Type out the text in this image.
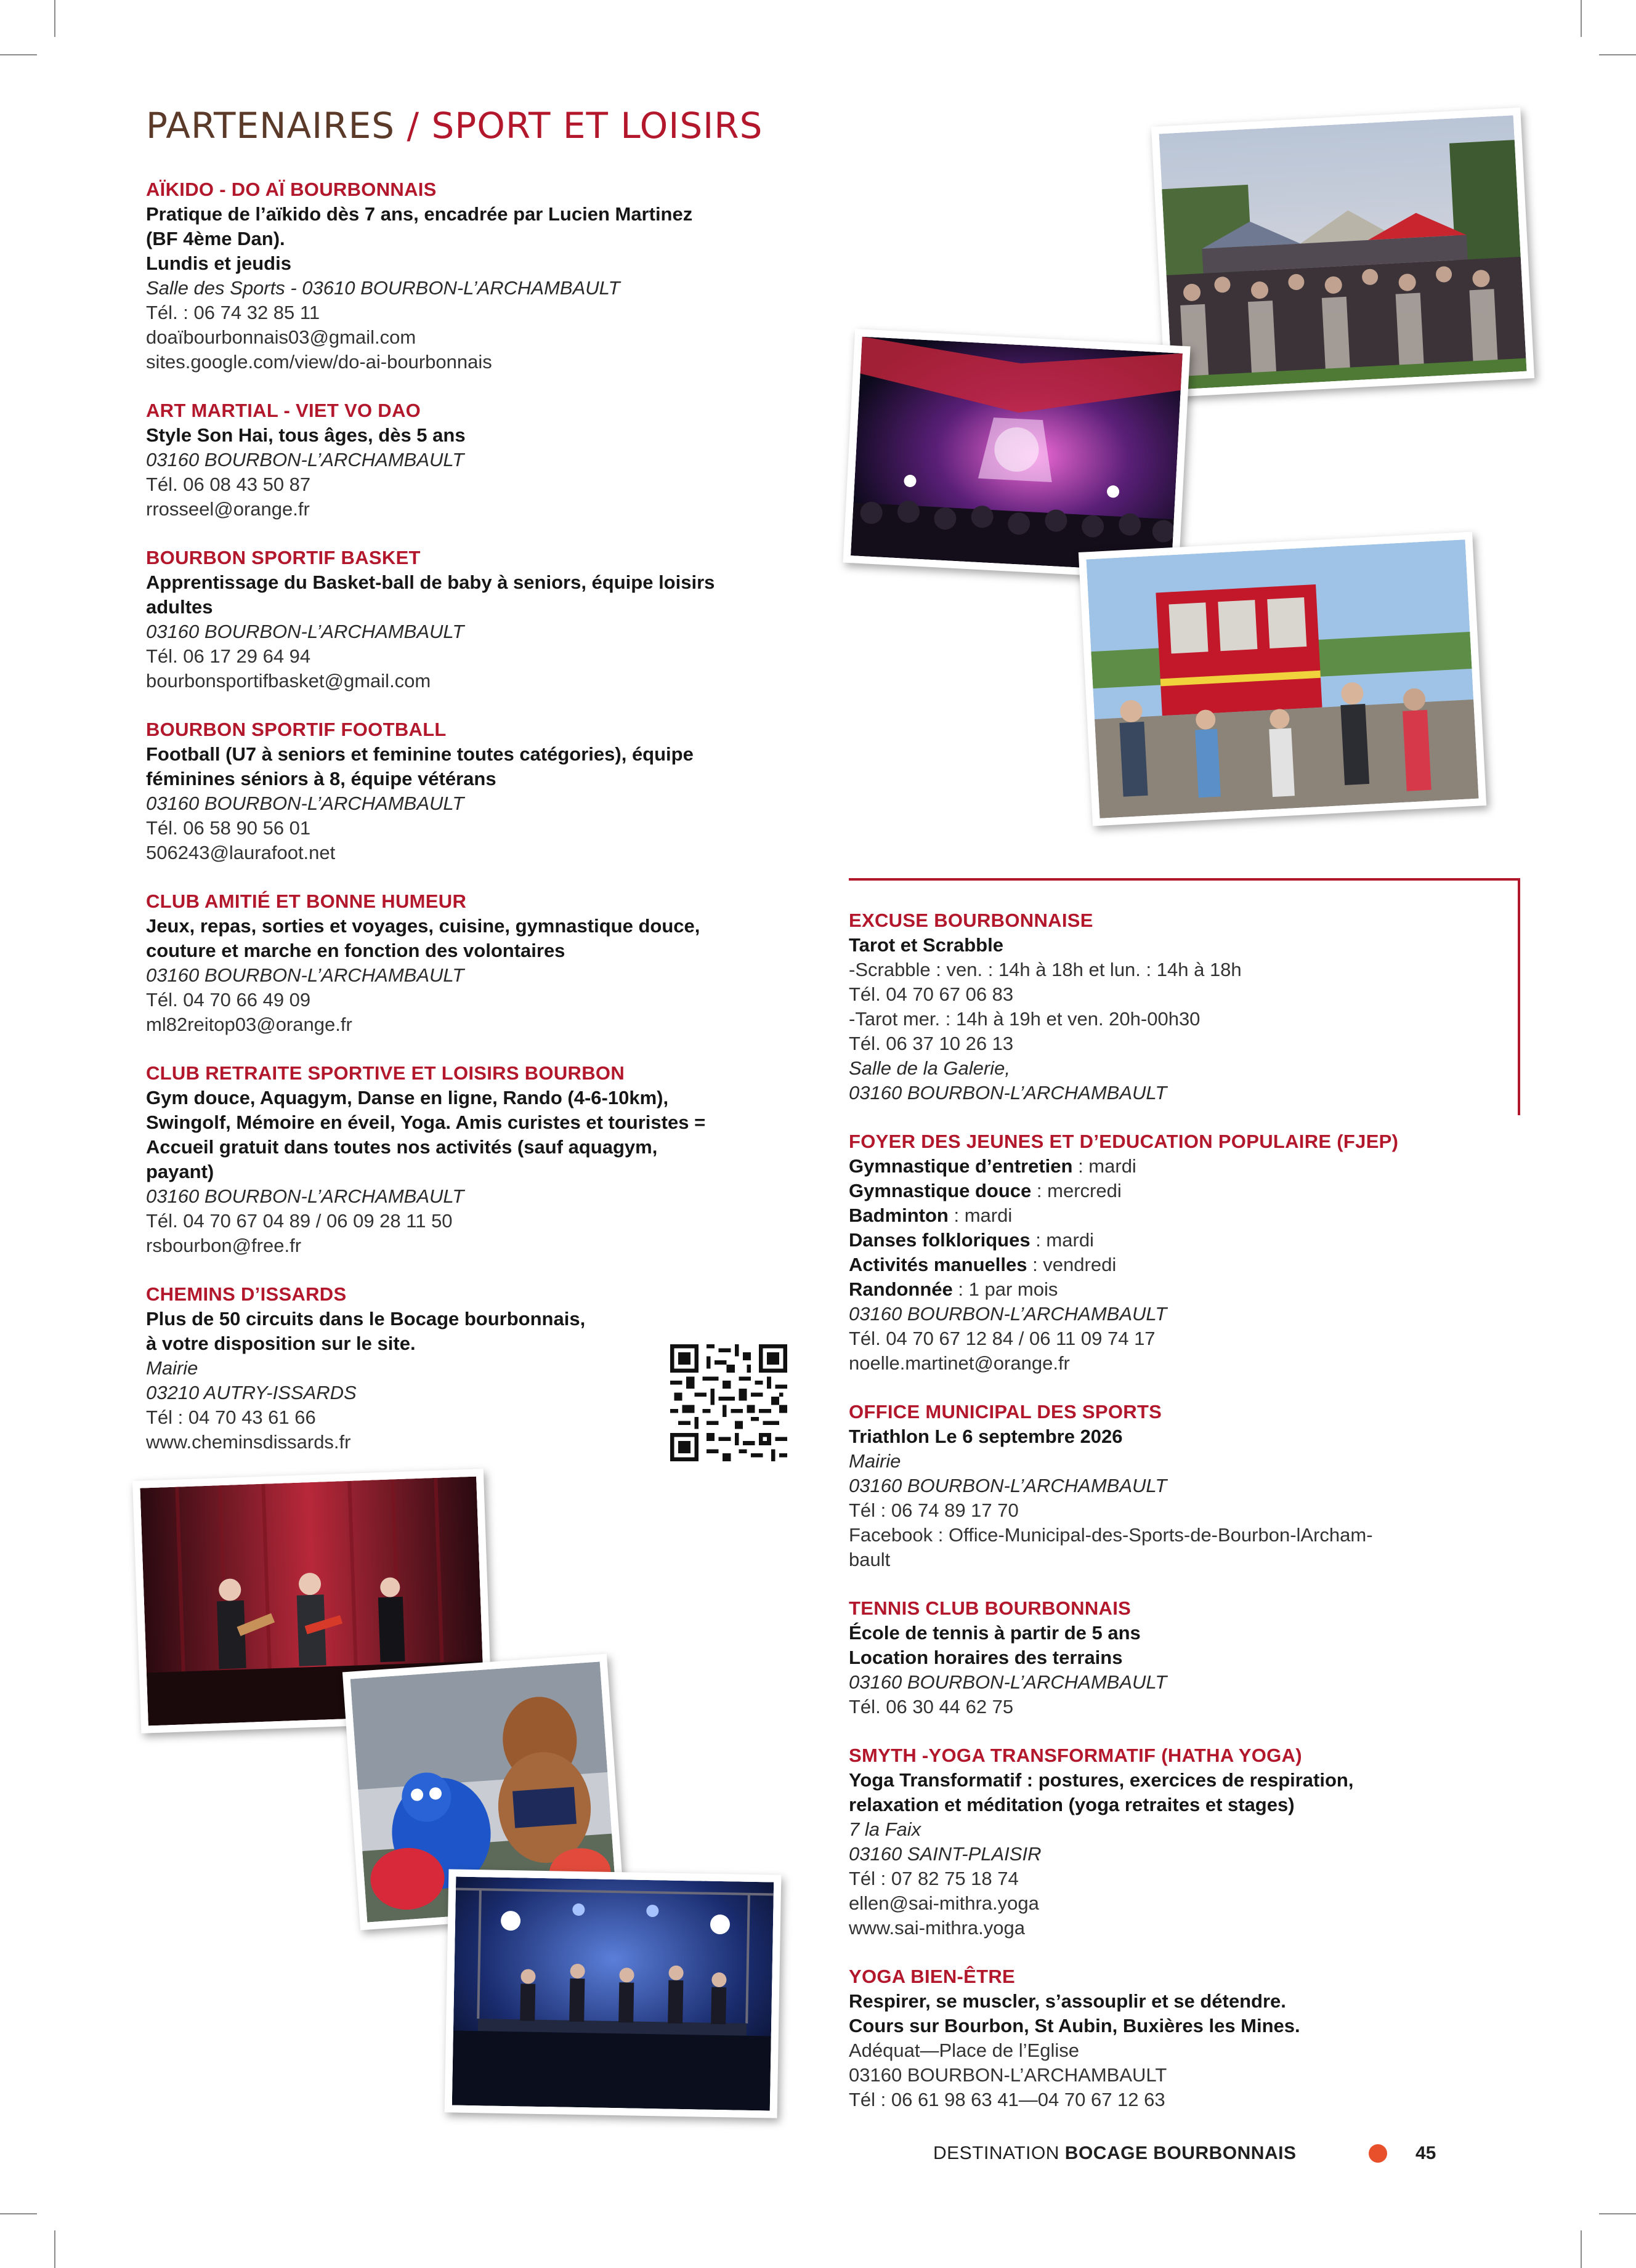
PARTENAIRES / SPORT ET LOISIRS

AÏKIDO - DO AÏ BOURBONNAIS

Pratique de l’aïkido dès 7 ans, encadrée par Lucien Martinez

(BF 4ème Dan).

Lundis et jeudis

Salle des Sports - 03610 BOURBON-L’ARCHAMBAULT

Tél. : 06 74 32 85 11

doaïbourbonnais03@gmail.com

sites.google.com/view/do-ai-bourbonnais

ART MARTIAL - VIET VO DAO

Style Son Hai, tous âges, dès 5 ans

03160 BOURBON-L’ARCHAMBAULT

Tél. 06 08 43 50 87

rrosseel@orange.fr

BOURBON SPORTIF BASKET

Apprentissage du Basket-ball de baby à seniors, équipe loisirs

adultes

03160 BOURBON-L’ARCHAMBAULT

Tél. 06 17 29 64 94

bourbonsportifbasket@gmail.com

BOURBON SPORTIF FOOTBALL

Football (U7 à seniors et feminine toutes catégories), équipe

féminines séniors à 8, équipe vétérans

03160 BOURBON-L’ARCHAMBAULT

Tél. 06 58 90 56 01

506243@laurafoot.net

CLUB AMITIÉ ET BONNE HUMEUR

Jeux, repas, sorties et voyages, cuisine, gymnastique douce,

couture et marche en fonction des volontaires

03160 BOURBON-L’ARCHAMBAULT

Tél. 04 70 66 49 09

ml82reitop03@orange.fr

CLUB RETRAITE SPORTIVE ET LOISIRS BOURBON

Gym douce, Aquagym, Danse en ligne, Rando (4-6-10km),

Swingolf, Mémoire en éveil, Yoga. Amis curistes et touristes =

Accueil gratuit dans toutes nos activités (sauf aquagym,

payant)

03160 BOURBON-L’ARCHAMBAULT

Tél. 04 70 67 04 89 / 06 09 28 11 50

rsbourbon@free.fr

CHEMINS D’ISSARDS

Plus de 50 circuits dans le Bocage bourbonnais,

à votre disposition sur le site.

Mairie

03210 AUTRY-ISSARDS

Tél : 04 70 43 61 66

www.cheminsdissards.fr

EXCUSE BOURBONNAISE

Tarot et Scrabble

-Scrabble : ven. : 14h à 18h et lun. : 14h à 18h

Tél. 04 70 67 06 83

-Tarot mer. : 14h à 19h et ven. 20h-00h30

Tél. 06 37 10 26 13

Salle de la Galerie,

03160 BOURBON-L’ARCHAMBAULT

FOYER DES JEUNES ET D’EDUCATION POPULAIRE (FJEP)

Gymnastique d’entretien : mardi

Gymnastique douce : mercredi

Badminton : mardi

Danses folkloriques : mardi

Activités manuelles : vendredi

Randonnée : 1 par mois

03160 BOURBON-L’ARCHAMBAULT

Tél. 04 70 67 12 84 / 06 11 09 74 17

noelle.martinet@orange.fr

OFFICE MUNICIPAL DES SPORTS

Triathlon Le 6 septembre 2026

Mairie

03160 BOURBON-L’ARCHAMBAULT

Tél : 06 74 89 17 70

Facebook : Office-Municipal-des-Sports-de-Bourbon-lArcham-

bault

TENNIS CLUB BOURBONNAIS

École de tennis à partir de 5 ans

Location horaires des terrains

03160 BOURBON-L’ARCHAMBAULT

Tél. 06 30 44 62 75

SMYTH -YOGA TRANSFORMATIF (HATHA YOGA)

Yoga Transformatif : postures, exercices de respiration,

relaxation et méditation (yoga retraites et stages)

7 la Faix

03160 SAINT-PLAISIR

Tél : 07 82 75 18 74

ellen@sai-mithra.yoga

www.sai-mithra.yoga

YOGA BIEN-ÊTRE

Respirer, se muscler, s’assouplir et se détendre.

Cours sur Bourbon, St Aubin, Buxières les Mines.

Adéquat—Place de l’Eglise

03160 BOURBON-L’ARCHAMBAULT

Tél : 06 61 98 63 41—04 70 67 12 63

DESTINATION BOCAGE BOURBONNAIS	45
